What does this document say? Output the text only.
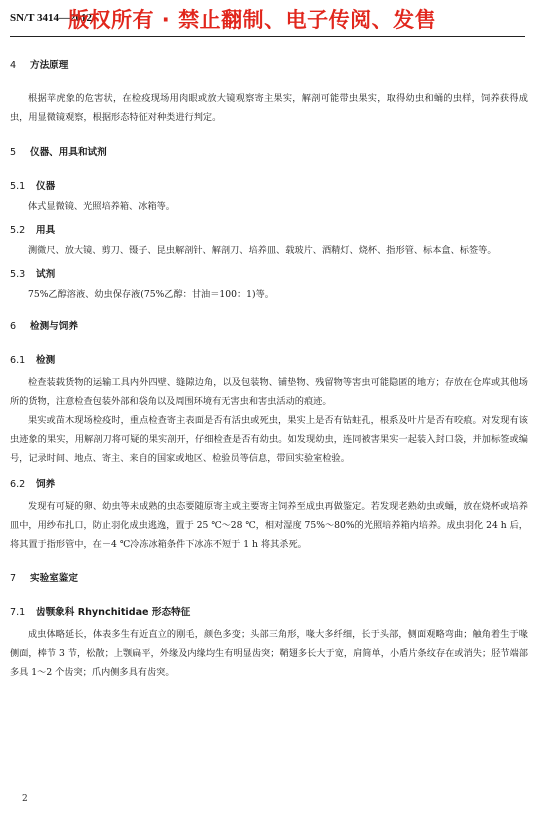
SN/T 3414—2012
版权所有 · 禁止翻制、电子传阅、发售
4	方法原理

根据苹虎象的危害状，在检疫现场用肉眼或放大镜观察寄主果实，解剖可能带虫果实，取得幼虫和蛹的虫样，饲养获得成虫，用显微镜观察，根据形态特征对种类进行判定。

5	仪器、用具和试剂
5.1	仪器

体式显微镜、光照培养箱、冰箱等。

5.2	用具

测微尺、放大镜、剪刀、镊子、昆虫解剖针、解剖刀、培养皿、载玻片、酒精灯、烧杯、指形管、标本盒、标签等。

5.3	试剂

75%乙醇溶液、幼虫保存液(75%乙醇：甘油＝100：1)等。

6	检测与饲养
6.1	检测

检查装载货物的运输工具内外四壁、缝隙边角，以及包装物、铺垫物、残留物等害虫可能隐匿的地方；存放在仓库或其他场所的货物，注意检查包装外部和袋角以及周围环境有无害虫和害虫活动的痕迹。

果实或苗木现场检疫时，重点检查寄主表面是否有活虫或死虫，果实上是否有钻蛀孔，根系及叶片是否有咬痕。对发现有该虫迹象的果实，用解剖刀将可疑的果实剖开，仔细检查是否有幼虫。如发现幼虫，连同被害果实一起装入封口袋，并加标签或编号，记录时间、地点、寄主、来自的国家或地区、检验员等信息，带回实验室检验。

6.2	饲养

发现有可疑的卵、幼虫等未成熟的虫态要随原寄主或主要寄主饲养至成虫再做鉴定。若发现老熟幼虫或蛹，放在烧杯或培养皿中，用纱布扎口，防止羽化成虫逃逸，置于 25 ℃～28 ℃，相对湿度 75%～80%的光照培养箱内培养。成虫羽化 24 h 后，将其置于指形管中，在－4 ℃冷冻冰箱条件下冰冻不短于 1 h 将其杀死。

7	实验室鉴定
7.1	齿颚象科 Rhynchitidae 形态特征

成虫体略延长，体表多生有近直立的刚毛，颜色多变；头部三角形，喙大多纤细，长于头部，侧面观略弯曲；触角着生于喙侧面，棒节 3 节，松散；上颚扁平，外缘及内缘均生有明显齿突；鞘翅多长大于宽，肩简单，小盾片条纹存在或消失；胫节端部多具 1～2 个齿突；爪内侧多具有齿突。

2
